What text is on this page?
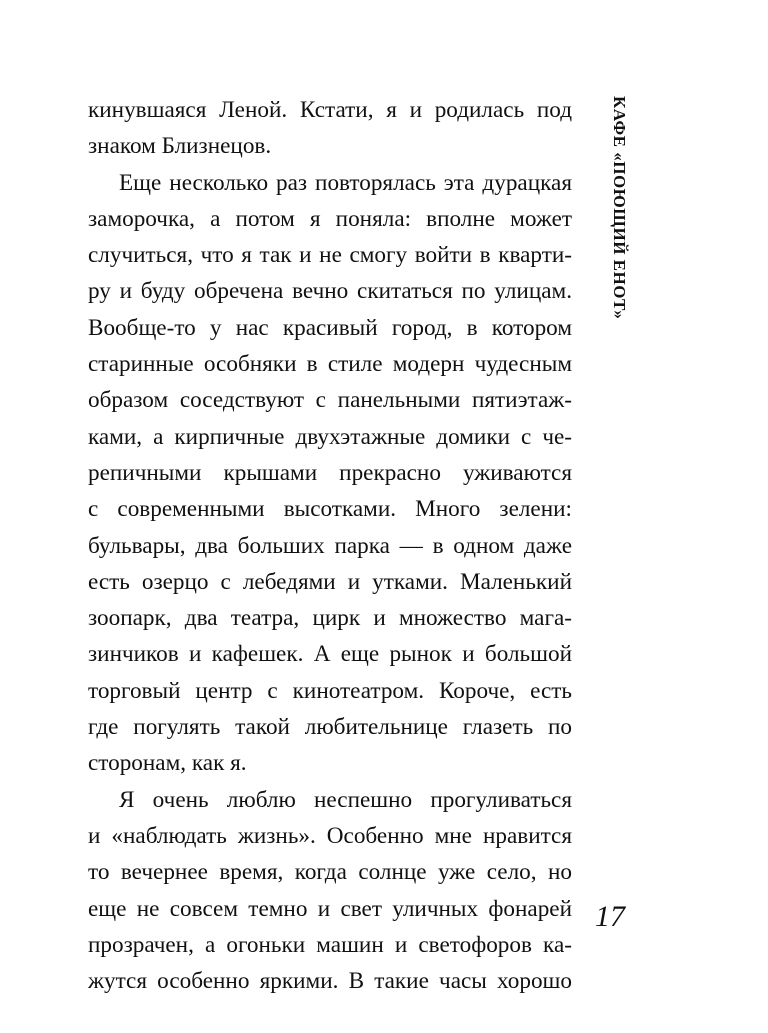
кинувшаяся Леной. Кстати, я и родилась под
знаком Близнецов.
Еще несколько раз повторялась эта дурацкая
заморочка, а потом я поняла: вполне может
случиться, что я так и не смогу войти в кварти-
ру и буду обречена вечно скитаться по улицам.
Вообще-то у нас красивый город, в котором
старинные особняки в стиле модерн чудесным
образом соседствуют с панельными пятиэтаж-
ками, а кирпичные двухэтажные домики с че-
репичными крышами прекрасно уживаются
с современными высотками. Много зелени:
бульвары, два больших парка — в одном даже
есть озерцо с лебедями и утками. Маленький
зоопарк, два театра, цирк и множество мага-
зинчиков и кафешек. А еще рынок и большой
торговый центр с кинотеатром. Короче, есть
где погулять такой любительнице глазеть по
сторонам, как я.
Я очень люблю неспешно прогуливаться
и «наблюдать жизнь». Особенно мне нравится
то вечернее время, когда солнце уже село, но
еще не совсем темно и свет уличных фонарей
прозрачен, а огоньки машин и светофоров ка-
жутся особенно яркими. В такие часы хорошо
КАФЕ «ПОЮЩИЙ ЕНОТ»
17
